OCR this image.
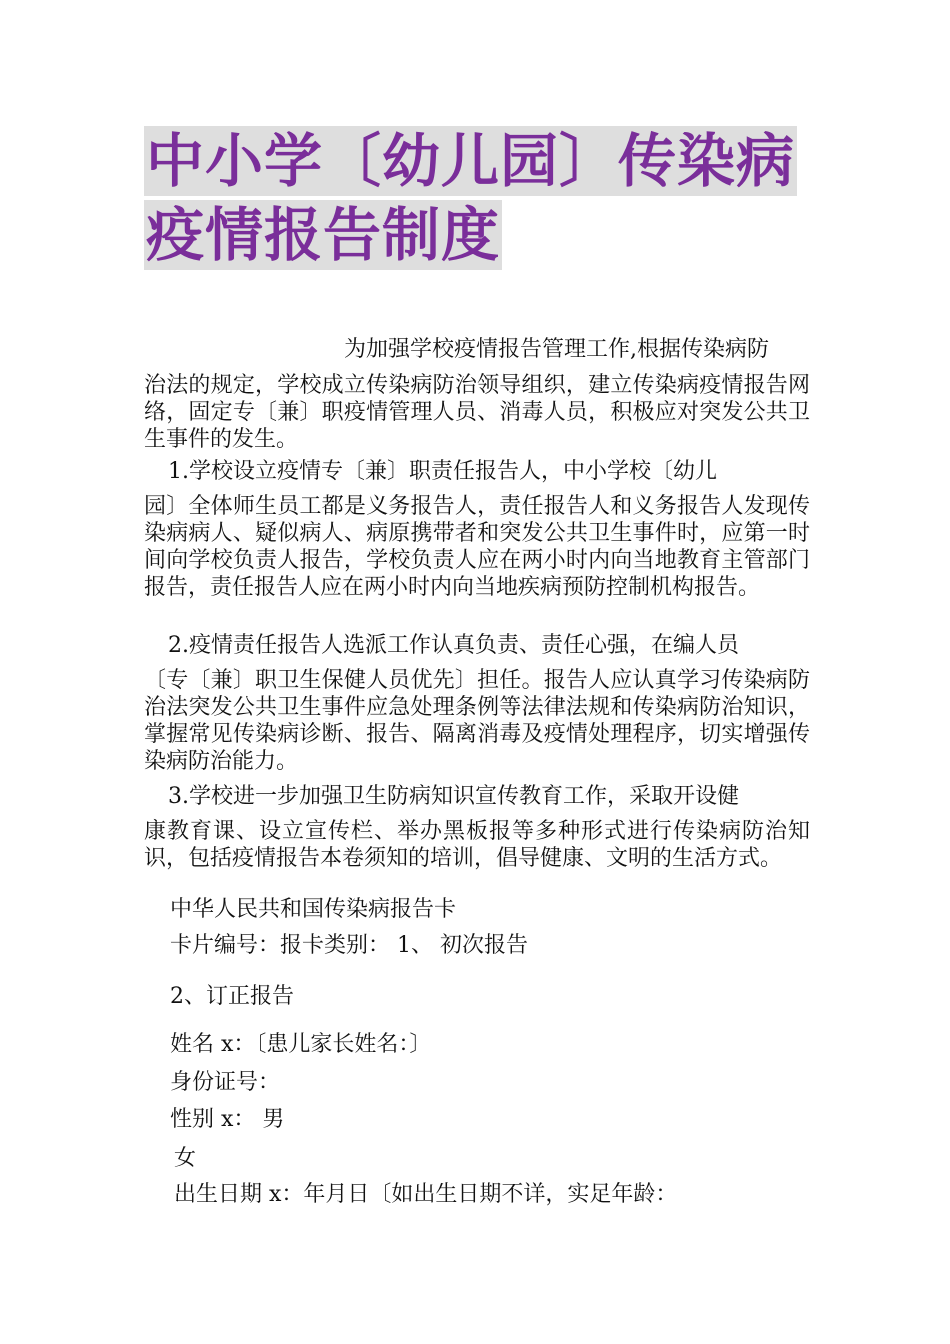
中小学〔幼儿园〕传染病
疫情报告制度
为加强学校疫情报告管理工作,根据传染病防
治法的规定，学校成立传染病防治领导组织，建立传染病疫情报告网络，固定专〔兼〕职疫情管理人员、消毒人员，积极应对突发公共卫生事件的发生。
1.学校设立疫情专〔兼〕职责任报告人，中小学校〔幼儿
园〕全体师生员工都是义务报告人，责任报告人和义务报告人发现传染病病人、疑似病人、病原携带者和突发公共卫生事件时，应第一时间向学校负责人报告，学校负责人应在两小时内向当地教育主管部门报告，责任报告人应在两小时内向当地疾病预防控制机构报告。
2.疫情责任报告人选派工作认真负责、责任心强，在编人员
〔专〔兼〕职卫生保健人员优先〕担任。报告人应认真学习传染病防治法突发公共卫生事件应急处理条例等法律法规和传染病防治知识，掌握常见传染病诊断、报告、隔离消毒及疫情处理程序，切实增强传染病防治能力。
3.学校进一步加强卫生防病知识宣传教育工作，采取开设健
康教育课、设立宣传栏、举办黑板报等多种形式进行传染病防治知识，包括疫情报告本卷须知的培训，倡导健康、文明的生活方式。
中华人民共和国传染病报告卡
卡片编号：报卡类别： 1、 初次报告
2、订正报告
姓名 x：〔患儿家长姓名：〕
身份证号：
性别 x： 男
女
出生日期 x：年月日〔如出生日期不详，实足年龄：
